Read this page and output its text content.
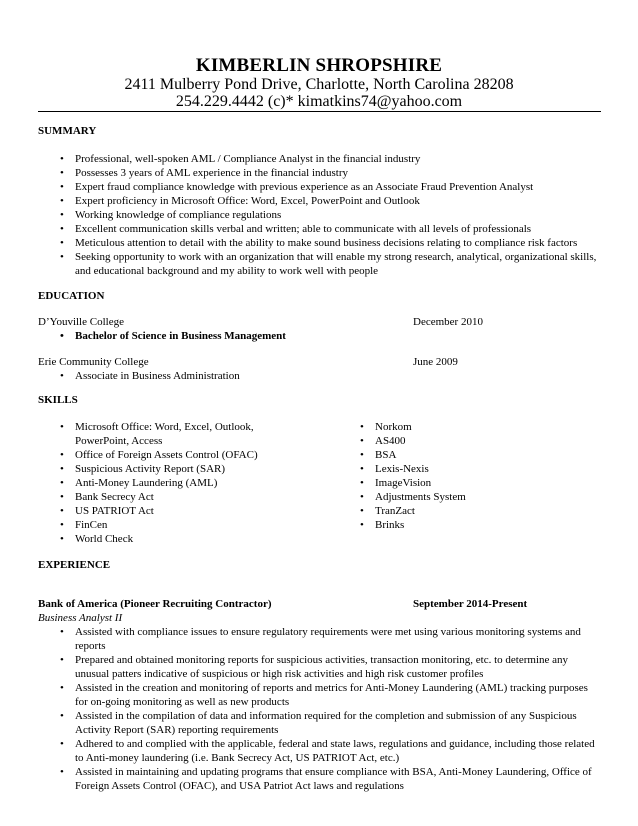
KIMBERLIN SHROPSHIRE
2411 Mulberry Pond Drive, Charlotte, North Carolina 28208
254.229.4442 (c)* kimatkins74@yahoo.com
SUMMARY
• Professional, well-spoken AML / Compliance Analyst in the financial industry
• Possesses 3 years of AML experience in the financial industry
• Expert fraud compliance knowledge with previous experience as an Associate Fraud Prevention Analyst
• Expert proficiency in Microsoft Office: Word, Excel, PowerPoint and Outlook
• Working knowledge of compliance regulations
• Excellent communication skills verbal and written; able to communicate with all levels of professionals
• Meticulous attention to detail with the ability to make sound business decisions relating to compliance risk factors
• Seeking opportunity to work with an organization that will enable my strong research, analytical, organizational skills,
and educational background and my ability to work well with people
EDUCATION
D’Youville College	December 2010
• Bachelor of Science in Business Management
Erie Community College	June 2009
• Associate in Business Administration
SKILLS
• Microsoft Office: Word, Excel, Outlook,
PowerPoint, Access
• Office of Foreign Assets Control (OFAC)
• Suspicious Activity Report (SAR)
• Anti-Money Laundering (AML)
• Bank Secrecy Act
• US PATRIOT Act
• FinCen
• World Check
• Norkom
• AS400
• BSA
• Lexis-Nexis
• ImageVision
• Adjustments System
• TranZact
• Brinks
EXPERIENCE
Bank of America (Pioneer Recruiting Contractor)	September 2014-Present
Business Analyst II
• Assisted with compliance issues to ensure regulatory requirements were met using various monitoring systems and
reports
• Prepared and obtained monitoring reports for suspicious activities, transaction monitoring, etc. to determine any
unusual patters indicative of suspicious or high risk activities and high risk customer profiles
• Assisted in the creation and monitoring of reports and metrics for Anti-Money Laundering (AML) tracking purposes
for on-going monitoring as well as new products
• Assisted in the compilation of data and information required for the completion and submission of any Suspicious
Activity Report (SAR) reporting requirements
• Adhered to and complied with the applicable, federal and state laws, regulations and guidance, including those related
to Anti-money laundering (i.e. Bank Secrecy Act, US PATRIOT Act, etc.)
• Assisted in maintaining and updating programs that ensure compliance with BSA, Anti-Money Laundering, Office of
Foreign Assets Control (OFAC), and USA Patriot Act laws and regulations
